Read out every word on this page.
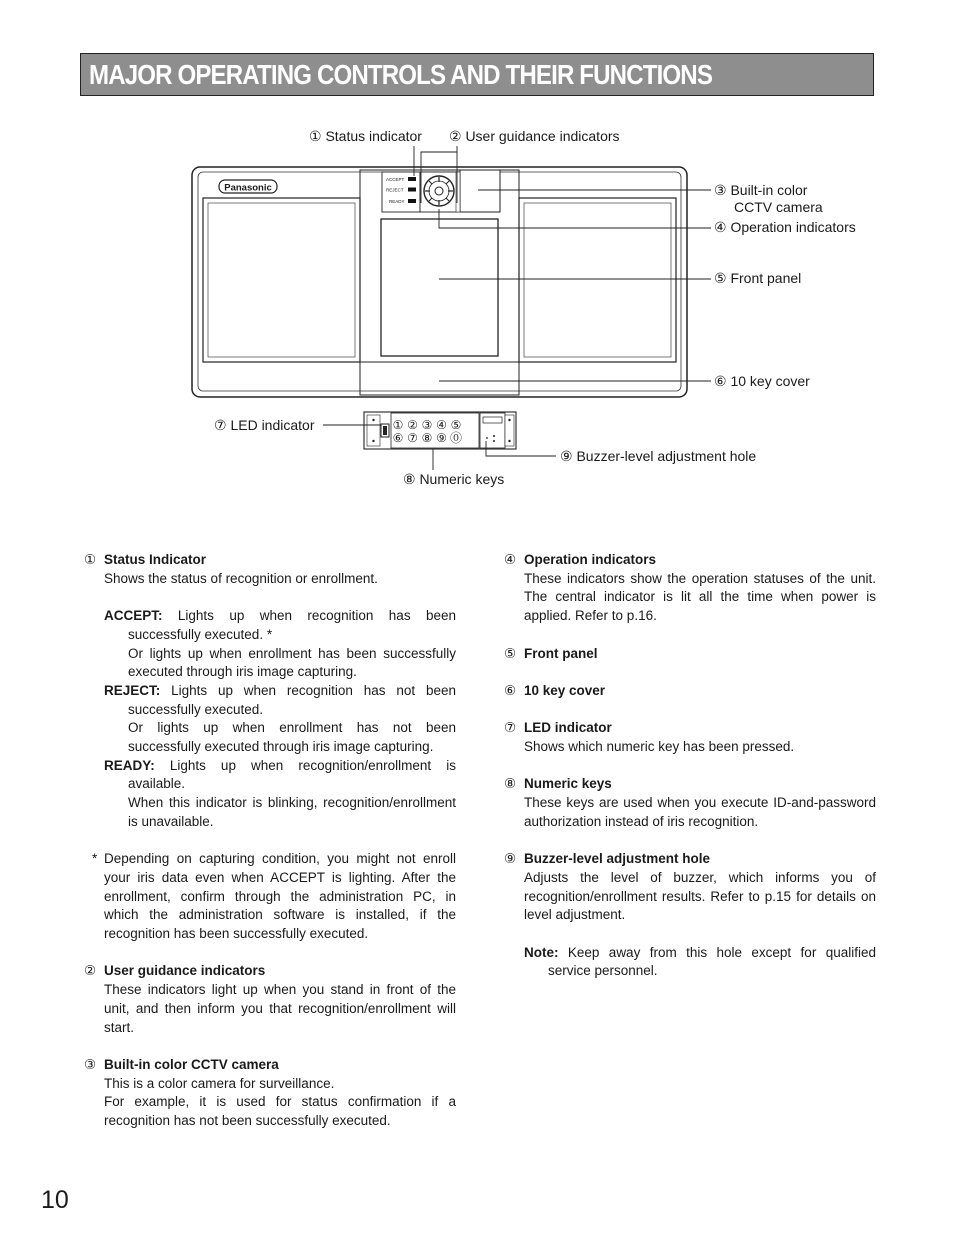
MAJOR OPERATING CONTROLS AND THEIR FUNCTIONS
Panasonic
ACCEPT
REJECT
READY
① ② ③ ④ ⑤
⑥ ⑦ ⑧ ⑨ ⓪
① Status indicator ② User guidance indicators
③ Built-in color
CCTV camera
④ Operation indicators
⑤ Front panel
⑥ 10 key cover
⑦ LED indicator
⑧ Numeric keys
⑨ Buzzer-level adjustment hole
① Status Indicator
Shows the status of recognition or enrollment.
ACCEPT: Lights up when recognition has been successfully executed. *
Or lights up when enrollment has been successfully executed through iris image capturing.
REJECT: Lights up when recognition has not been successfully executed.
Or lights up when enrollment has not been successfully executed through iris image capturing.
READY: Lights up when recognition/enrollment is available.
When this indicator is blinking, recognition/enrollment is unavailable.
* Depending on capturing condition, you might not enroll your iris data even when ACCEPT is lighting. After the enrollment, confirm through the administration PC, in which the administration software is installed, if the recognition has been successfully executed.
② User guidance indicators
These indicators light up when you stand in front of the unit, and then inform you that recognition/enrollment will start.
③ Built-in color CCTV camera
This is a color camera for surveillance.
For example, it is used for status confirmation if a recognition has not been successfully executed.
④ Operation indicators
These indicators show the operation statuses of the unit. The central indicator is lit all the time when power is applied. Refer to p.16.
⑤ Front panel
⑥ 10 key cover
⑦ LED indicator
Shows which numeric key has been pressed.
⑧ Numeric keys
These keys are used when you execute ID-and-password authorization instead of iris recognition.
⑨ Buzzer-level adjustment hole
Adjusts the level of buzzer, which informs you of recognition/enrollment results. Refer to p.15 for details on level adjustment.
Note: Keep away from this hole except for qualified service personnel.
10
